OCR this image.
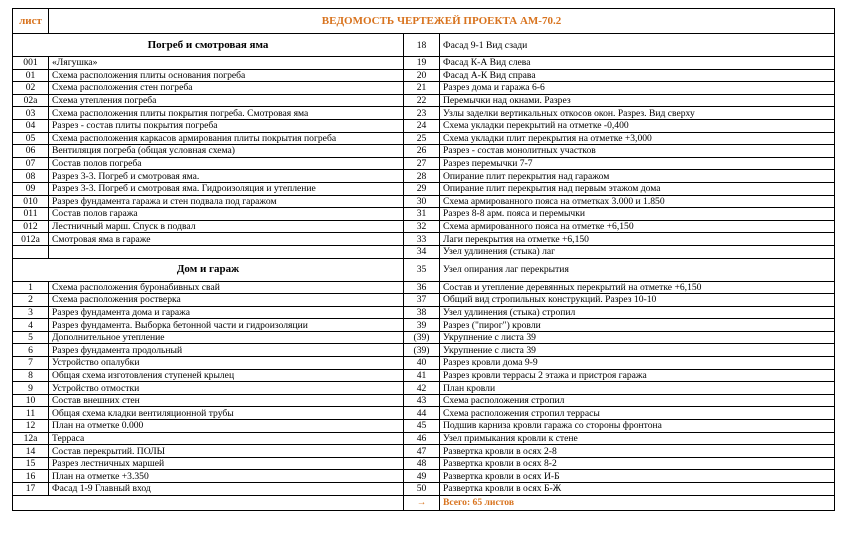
лист	ВЕДОМОСТЬ ЧЕРТЕЖЕЙ ПРОЕКТА АМ-70.2		
Погреб и смотровая яма		18	Фасад 9-1 Вид сзади
001	«Лягушка»	19	Фасад К-А Вид слева
01	Схема расположения плиты основания погреба	20	Фасад А-К Вид справа
02	Схема расположения стен погреба	21	Разрез дома и гаража 6-6
02а	Схема утепления погреба	22	Перемычки над окнами. Разрез
03	Схема расположения плиты покрытия погреба. Смотровая яма	23	Узлы заделки вертикальных откосов окон. Разрез. Вид сверху
04	Разрез - состав плиты покрытия погреба	24	Схема укладки перекрытий на отметке -0,400
05	Схема расположения каркасов армирования плиты покрытия погреба	25	Схема укладки плит перекрытия на отметке +3,000
06	Вентиляция погреба (общая условная схема)	26	Разрез - состав монолитных участков
07	Состав полов погреба	27	Разрез перемычки 7-7
08	Разрез 3-3. Погреб и смотровая яма.	28	Опирание плит перекрытия над гаражом
09	Разрез 3-3. Погреб и смотровая яма. Гидроизоляция и утепление	29	Опирание плит перекрытия над первым этажом дома
010	Разрез фундамента гаража и стен подвала под гаражом	30	Схема армированного пояса на отметках 3.000 и 1.850
011	Состав полов гаража	31	Разрез 8-8 арм. пояса и перемычки
012	Лестничный марш. Спуск в подвал	32	Схема армированного пояса на отметке +6,150
012а	Смотровая яма в гараже	33	Лаги перекрытия на отметке +6,150
		34	Узел удлинения (стыка) лаг
Дом и гараж		35	Узел опирания лаг перекрытия
1	Схема расположения буронабивных свай	36	Состав и утепление деревянных перекрытий на отметке +6,150
2	Схема расположения ростверка	37	Общий вид стропильных конструкций. Разрез 10-10
3	Разрез фундамента дома и гаража	38	Узел удлинения (стыка) стропил
4	Разрез фундамента. Выборка бетонной части и гидроизоляции	39	Разрез ("пирог") кровли
5	Дополнительное утепление	(39)	Укрупнение с листа 39
6	Разрез фундамента продольный	(39)	Укрупнение с листа 39
7	Устройство опалубки	40	Разрез кровли дома 9-9
8	Общая схема изготовления ступеней крылец	41	Разрез кровли террасы 2 этажа и пристроя гаража
9	Устройство отмостки	42	План кровли
10	Состав внешних стен	43	Схема расположения стропил
11	Общая схема кладки вентиляционной трубы	44	Схема расположения стропил террасы
12	План на отметке 0.000	45	Подшив карниза кровли гаража со стороны фронтона
12а	Терраса	46	Узел примыкания кровли к стене
14	Состав перекрытий. ПОЛЫ	47	Развертка кровли в осях 2-8
15	Разрез лестничных маршей	48	Развертка кровли в осях 8-2
16	План на отметке +3.350	49	Развертка кровли в осях И-Б
17	Фасад 1-9 Главный вход	50	Развертка кровли в осях Б-Ж
		→	Всего: 65 листов
